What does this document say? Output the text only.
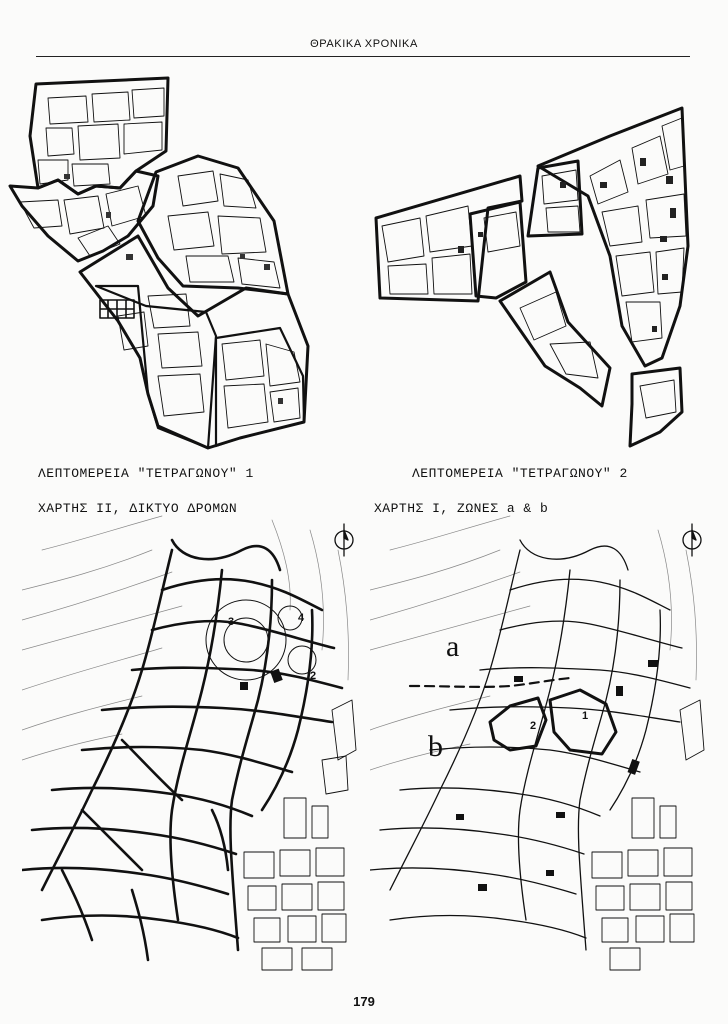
ΘΡΑΚΙΚΑ ΧΡΟΝΙΚΑ
ΛΕΠΤΟΜΕΡΕΙΑ "ΤΕΤΡΑΓΩΝΟΥ" 1	ΛΕΠΤΟΜΕΡΕΙΑ "ΤΕΤΡΑΓΩΝΟΥ" 2
ΧΑΡΤΗΣ ΙΙ, ΔΙΚΤΥΟ ΔΡΟΜΩΝ	ΧΑΡΤΗΣ Ι, ΖΩΝΕΣ a & b
3	4
2
a
b
2
1
179
